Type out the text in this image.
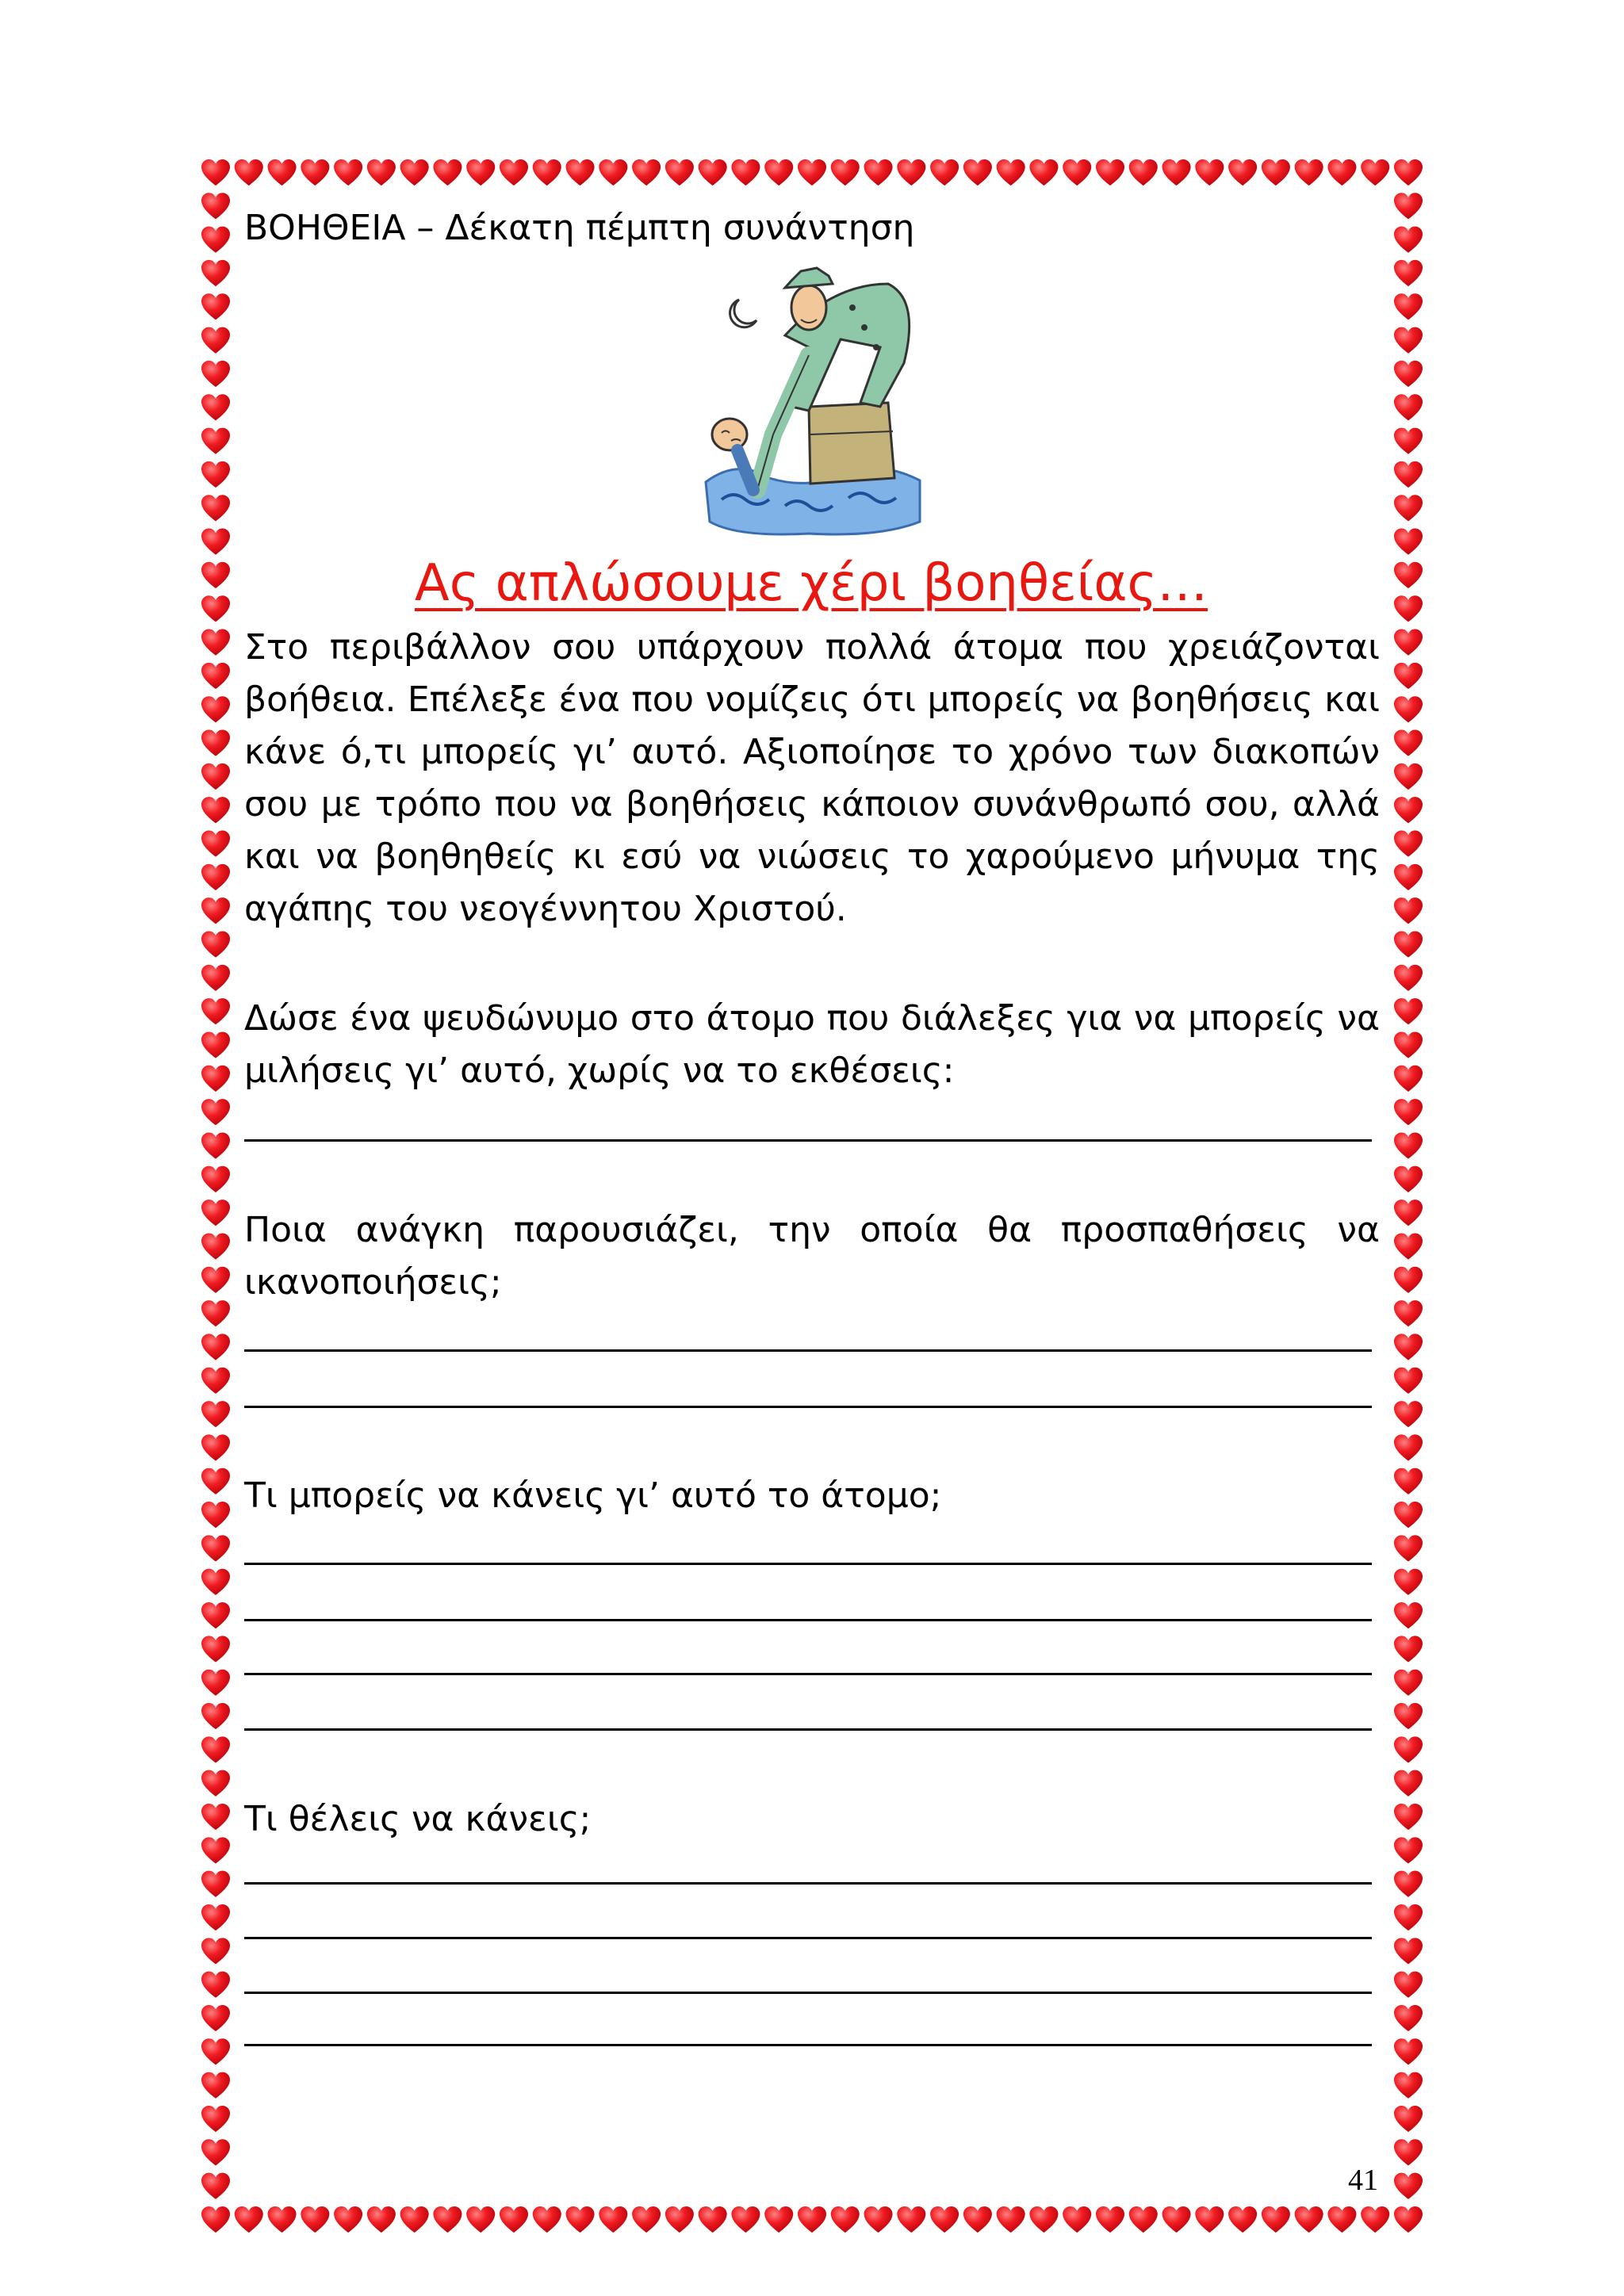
ΒΟΗΘΕΙΑ – Δέκατη πέμπτη συνάντηση
Ας απλώσουμε χέρι βοηθείας…
Στο περιβάλλον σου υπάρχουν πολλά άτομα που χρειάζονται βοήθεια. Επέλεξε ένα που νομίζεις ότι μπορείς να βοηθήσεις και κάνε ό,τι μπορείς γι’ αυτό. Αξιοποίησε το χρόνο των διακοπών σου με τρόπο που να βοηθήσεις κάποιον συνάνθρωπό σου, αλλά και να βοηθηθείς κι εσύ να νιώσεις το χαρούμενο μήνυμα της αγάπης του νεογέννητου Χριστού.
Δώσε ένα ψευδώνυμο στο άτομο που διάλεξες για να μπορείς να μιλήσεις γι’ αυτό, χωρίς να το εκθέσεις:
Ποια ανάγκη παρουσιάζει, την οποία θα προσπαθήσεις να ικανοποιήσεις;
Τι μπορείς να κάνεις γι’ αυτό το άτομο;
Τι θέλεις να κάνεις;
41
